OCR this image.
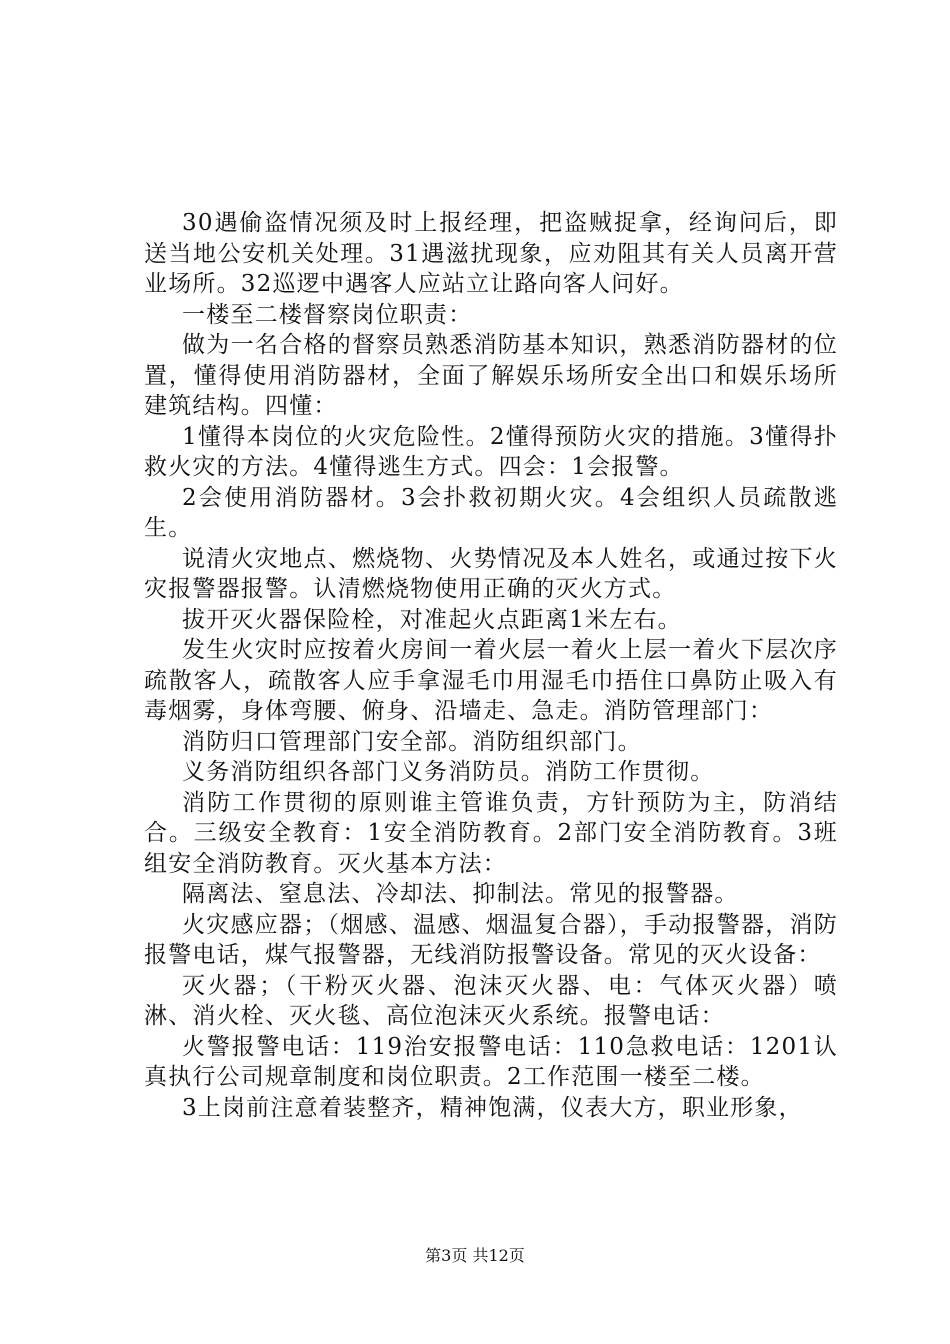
30遇偷盗情况须及时上报经理，把盗贼捉拿，经询问后，即送当地公安机关处理。31遇滋扰现象，应劝阻其有关人员离开营业场所。32巡逻中遇客人应站立让路向客人问好。

一楼至二楼督察岗位职责：

做为一名合格的督察员熟悉消防基本知识，熟悉消防器材的位置，懂得使用消防器材，全面了解娱乐场所安全出口和娱乐场所建筑结构。四懂：

1懂得本岗位的火灾危险性。2懂得预防火灾的措施。3懂得扑救火灾的方法。4懂得逃生方式。四会：1会报警。

2会使用消防器材。3会扑救初期火灾。4会组织人员疏散逃生。

说清火灾地点、燃烧物、火势情况及本人姓名，或通过按下火灾报警器报警。认清燃烧物使用正确的灭火方式。

拔开灭火器保险栓，对准起火点距离1米左右。

发生火灾时应按着火房间一着火层一着火上层一着火下层次序疏散客人，疏散客人应手拿湿毛巾用湿毛巾捂住口鼻防止吸入有毒烟雾，身体弯腰、俯身、沿墙走、急走。消防管理部门：

消防归口管理部门安全部。消防组织部门。

义务消防组织各部门义务消防员。消防工作贯彻。

消防工作贯彻的原则谁主管谁负责，方针预防为主，防消结合。三级安全教育：1安全消防教育。2部门安全消防教育。3班组安全消防教育。灭火基本方法：

隔离法、窒息法、冷却法、抑制法。常见的报警器。

火灾感应器；（烟感、温感、烟温复合器），手动报警器，消防报警电话，煤气报警器，无线消防报警设备。常见的灭火设备：

灭火器；（干粉灭火器、泡沫灭火器、电：气体灭火器）喷淋、消火栓、灭火毯、高位泡沫灭火系统。报警电话：

火警报警电话：119治安报警电话：110急救电话：1201认真执行公司规章制度和岗位职责。2工作范围一楼至二楼。

3上岗前注意着装整齐，精神饱满，仪表大方，职业形象，

第3页 共12页
